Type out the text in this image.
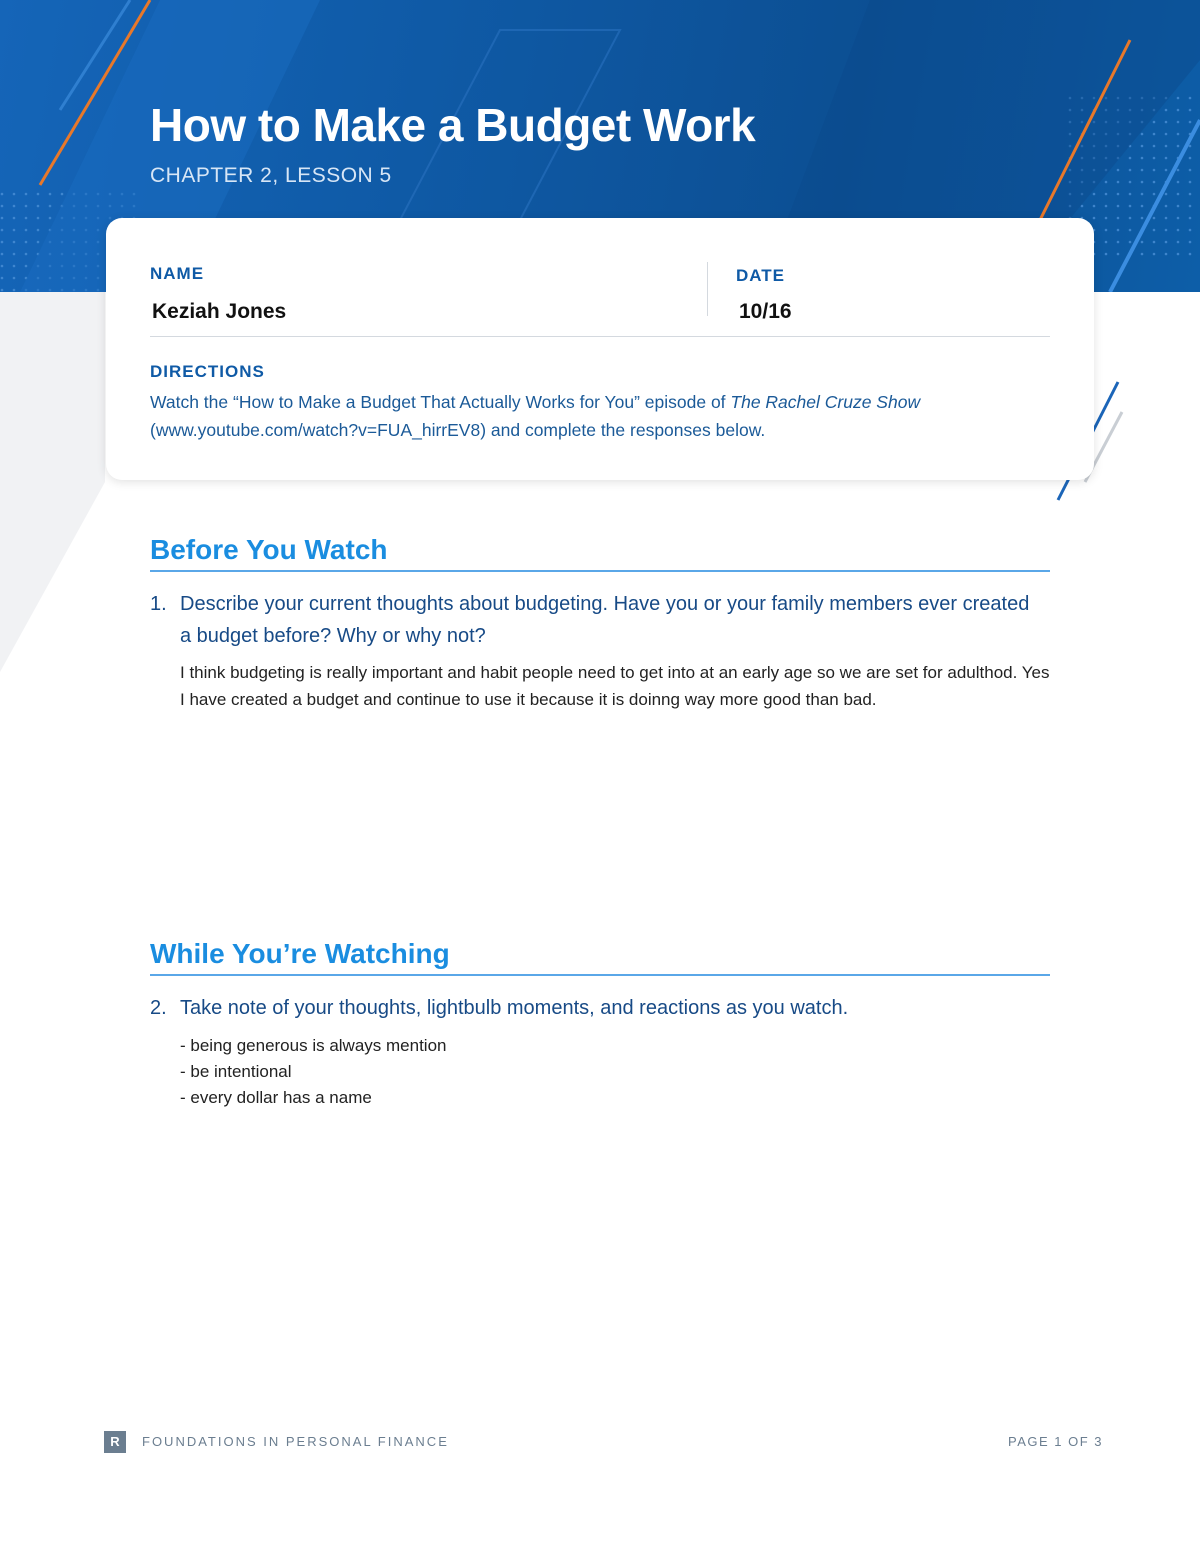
How to Make a Budget Work

CHAPTER 2, LESSON 5

NAME
Keziah Jones
DATE
10/16
DIRECTIONS

Watch the “How to Make a Budget That Actually Works for You” episode of The Rachel Cruze Show
(www.youtube.com/watch?v=FUA_hirrEV8) and complete the responses below.

Before You Watch

1. Describe your current thoughts about budgeting. Have you or your family members ever created a budget before? Why or why not?

I think budgeting is really important and habit people need to get into at an early age so we are set for adulthod. Yes I have created a budget and continue to use it because it is doinng way more good than bad.

While You’re Watching

2. Take note of your thoughts, lightbulb moments, and reactions as you watch.

- being generous is always mention
- be intentional
- every dollar has a name
R	FOUNDATIONS IN PERSONAL FINANCE	PAGE 1 OF 3
